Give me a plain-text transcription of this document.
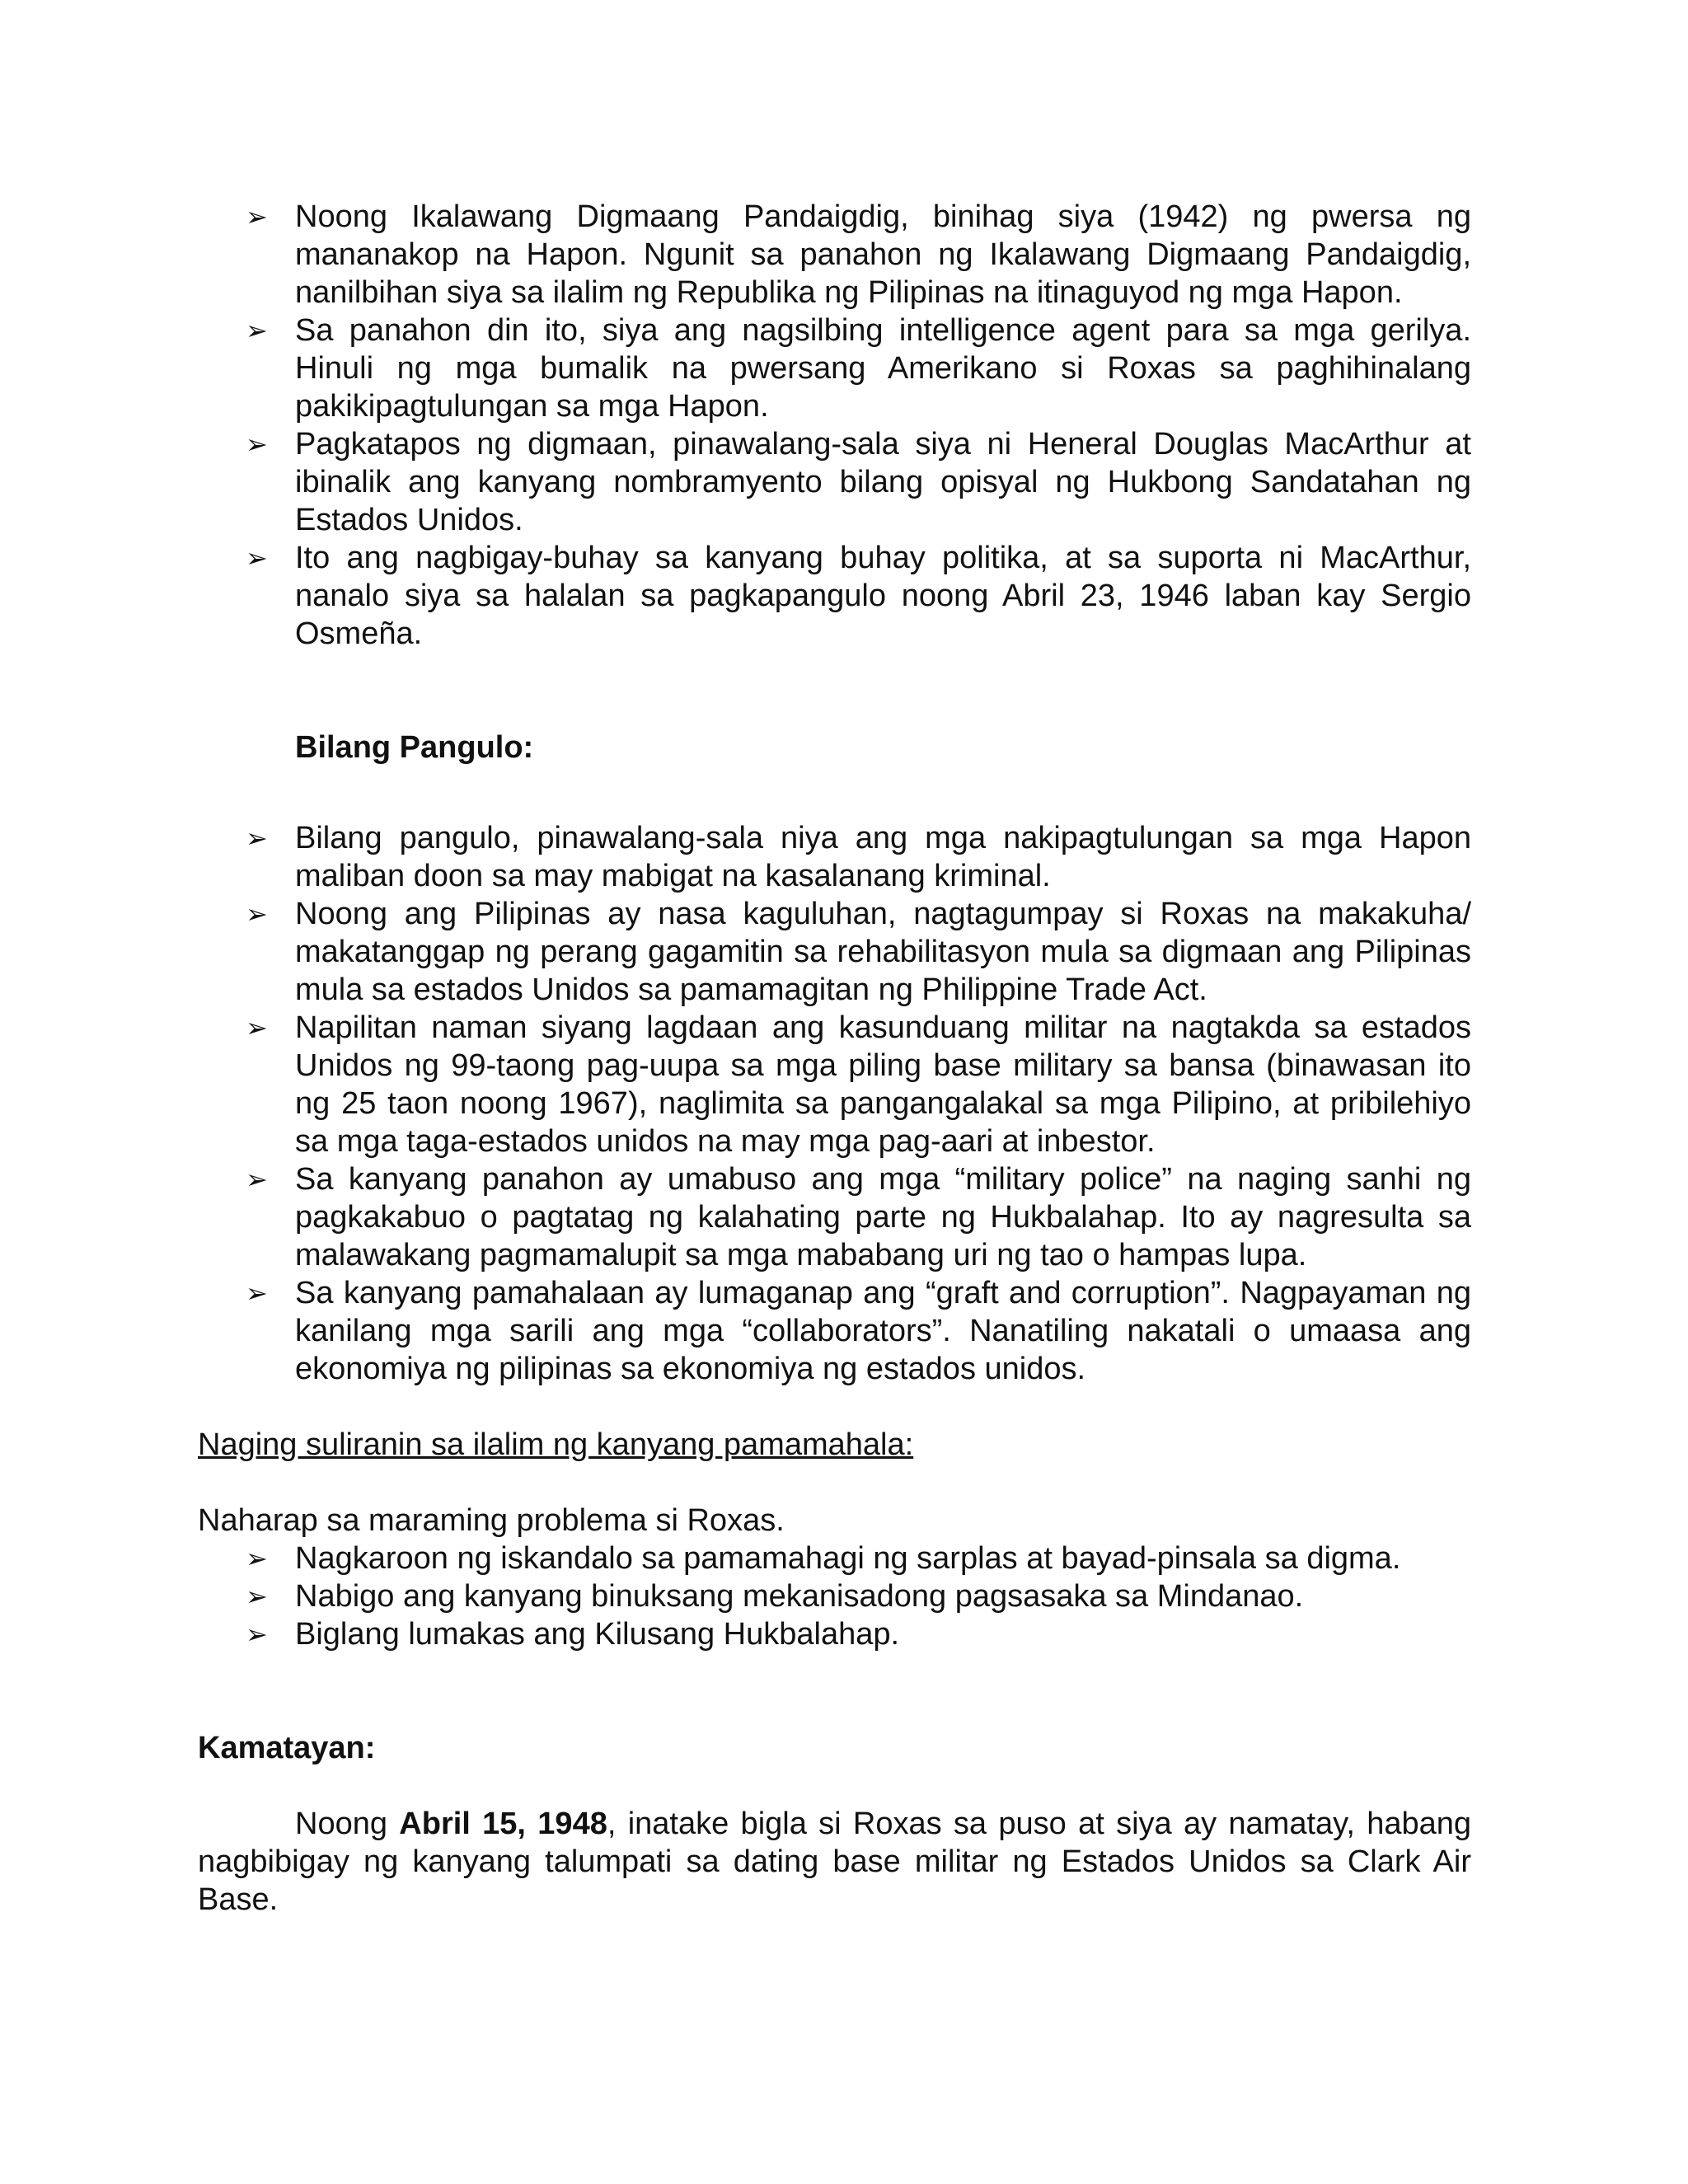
➢ Noong Ikalawang Digmaang Pandaigdig, binihag siya (1942) ng pwersa ng mananakop na Hapon. Ngunit sa panahon ng Ikalawang Digmaang Pandaigdig, nanilbihan siya sa ilalim ng Republika ng Pilipinas na itinaguyod ng mga Hapon.
➢ Sa panahon din ito, siya ang nagsilbing intelligence agent para sa mga gerilya. Hinuli ng mga bumalik na pwersang Amerikano si Roxas sa paghihinalang pakikipagtulungan sa mga Hapon.
➢ Pagkatapos ng digmaan, pinawalang-sala siya ni Heneral Douglas MacArthur at ibinalik ang kanyang nombramyento bilang opisyal ng Hukbong Sandatahan ng Estados Unidos.
➢ Ito ang nagbigay-buhay sa kanyang buhay politika, at sa suporta ni MacArthur, nanalo siya sa halalan sa pagkapangulo noong Abril 23, 1946 laban kay Sergio Osmeña.

Bilang Pangulo:

➢ Bilang pangulo, pinawalang-sala niya ang mga nakipagtulungan sa mga Hapon maliban doon sa may mabigat na kasalanang kriminal.
➢ Noong ang Pilipinas ay nasa kaguluhan, nagtagumpay si Roxas na makakuha/ makatanggap ng perang gagamitin sa rehabilitasyon mula sa digmaan ang Pilipinas mula sa estados Unidos sa pamamagitan ng Philippine Trade Act.
➢ Napilitan naman siyang lagdaan ang kasunduang militar na nagtakda sa estados Unidos ng 99-taong pag-uupa sa mga piling base military sa bansa (binawasan ito ng 25 taon noong 1967), naglimita sa pangangalakal sa mga Pilipino, at pribilehiyo sa mga taga-estados unidos na may mga pag-aari at inbestor.
➢ Sa kanyang panahon ay umabuso ang mga “military police” na naging sanhi ng pagkakabuo o pagtatag ng kalahating parte ng Hukbalahap. Ito ay nagresulta sa malawakang pagmamalupit sa mga mababang uri ng tao o hampas lupa.
➢ Sa kanyang pamahalaan ay lumaganap ang “graft and corruption”. Nagpayaman ng kanilang mga sarili ang mga “collaborators”. Nanatiling nakatali o umaasa ang ekonomiya ng pilipinas sa ekonomiya ng estados unidos.

Naging suliranin sa ilalim ng kanyang pamamahala:

Naharap sa maraming problema si Roxas.

➢ Nagkaroon ng iskandalo sa pamamahagi ng sarplas at bayad-pinsala sa digma.
➢ Nabigo ang kanyang binuksang mekanisadong pagsasaka sa Mindanao.
➢ Biglang lumakas ang Kilusang Hukbalahap.

Kamatayan:

Noong Abril 15, 1948, inatake bigla si Roxas sa puso at siya ay namatay, habang nagbibigay ng kanyang talumpati sa dating base militar ng Estados Unidos sa Clark Air Base.
